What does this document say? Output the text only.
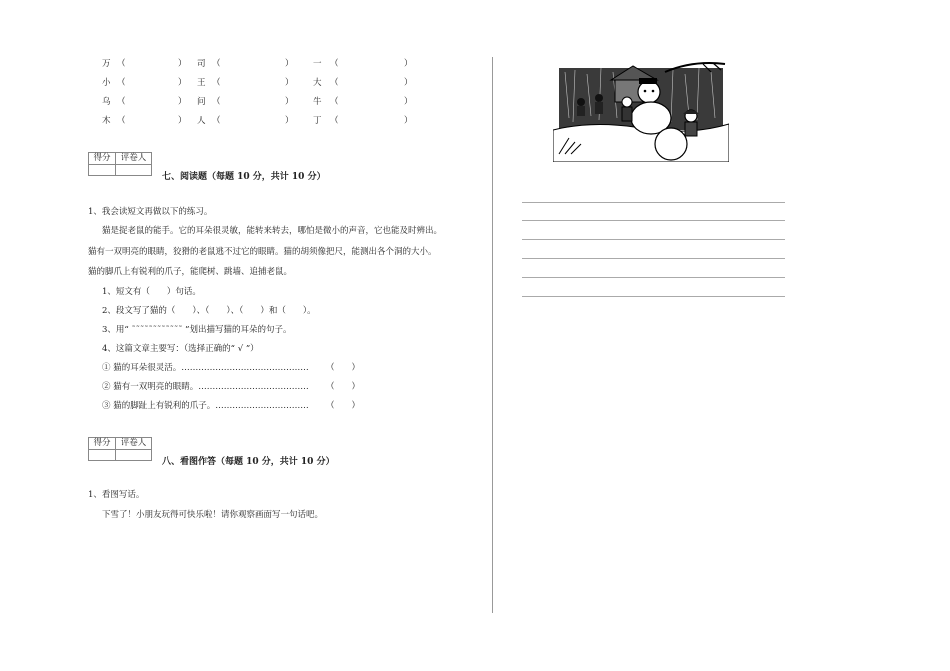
万 （	） 司 （	） 一 （	）
小 （	） 王 （	） 大 （	）
乌 （	） 问 （	） 牛 （	）
木 （	） 人 （	） 丁 （	）
得分	评卷人
七、阅读题（每题 10 分，共计 10 分）
1、我会读短文再做以下的练习。
猫是捉老鼠的能手。它的耳朵很灵敏，能转来转去，哪怕是微小的声音，它也能及时辨出。
猫有一双明亮的眼睛，狡猾的老鼠逃不过它的眼睛。猫的胡须像把尺，能测出各个洞的大小。
猫的脚爪上有锐利的爪子，能爬树、跳墙、追捕老鼠。
1、短文有（　　）句话。
2、段文写了猫的（　　）、（　　）、（　　）和（　　）。
3、用“ ˜˜˜˜˜˜˜˜˜˜˜˜ ”划出描写猫的耳朵的句子。
4、这篇文章主要写：（选择正确的“ √ ”）
① 猫的耳朵很灵活。……………………………………… （　　）
② 猫有一双明亮的眼睛。………………………………… （　　）
③ 猫的脚趾上有锐利的爪子。…………………………… （　　）
得分	评卷人
八、看图作答（每题 10 分，共计 10 分）
1、看图写话。
下雪了！小朋友玩得可快乐啦！请你观察画面写一句话吧。
